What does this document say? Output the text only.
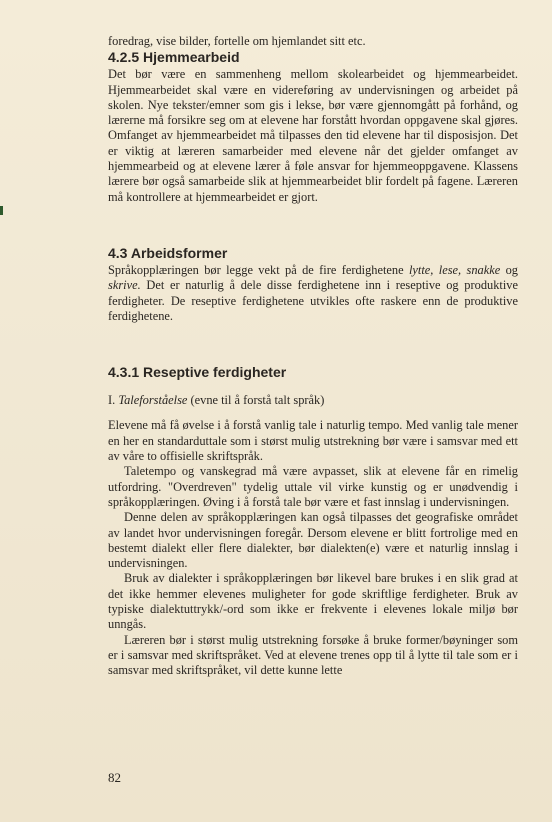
foredrag, vise bilder, fortelle om hjemlandet sitt etc.

4.2.5 Hjemmearbeid

Det bør være en sammenheng mellom skolearbeidet og hjemmearbeidet. Hjemmearbeidet skal være en videreføring av undervisningen og arbeidet på skolen. Nye tekster/emner som gis i lekse, bør være gjennomgått på forhånd, og lærerne må forsikre seg om at elevene har forstått hvordan oppgavene skal gjøres. Omfanget av hjemmearbeidet må tilpasses den tid elevene har til disposisjon. Det er viktig at læreren samarbeider med elevene når det gjelder omfanget av hjemmearbeid og at elevene lærer å føle ansvar for hjemmeoppgavene. Klassens lærere bør også samarbeide slik at hjemmearbeidet blir fordelt på fagene. Læreren må kontrollere at hjemmearbeidet er gjort.

4.3 Arbeidsformer

Språkopplæringen bør legge vekt på de fire ferdighetene lytte, lese, snakke og skrive. Det er naturlig å dele disse ferdighetene inn i reseptive og produktive ferdigheter. De reseptive ferdighetene utvikles ofte raskere enn de produktive ferdighetene.

4.3.1 Reseptive ferdigheter

I. Taleforståelse (evne til å forstå talt språk)

Elevene må få øvelse i å forstå vanlig tale i naturlig tempo. Med vanlig tale mener en her en standarduttale som i størst mulig utstrekning bør være i samsvar med ett av våre to offisielle skriftspråk.

Taletempo og vanskegrad må være avpasset, slik at elevene får en rimelig utfordring. "Overdreven" tydelig uttale vil virke kunstig og er unødvendig i språkopplæringen. Øving i å forstå tale bør være et fast innslag i undervisningen.

Denne delen av språkopplæringen kan også tilpasses det geografiske området av landet hvor undervisningen foregår. Dersom elevene er blitt fortrolige med en bestemt dialekt eller flere dialekter, bør dialekten(e) være et naturlig innslag i undervisningen.

Bruk av dialekter i språkopplæringen bør likevel bare brukes i en slik grad at det ikke hemmer elevenes muligheter for gode skriftlige ferdigheter. Bruk av typiske dialektuttrykk/-ord som ikke er frekvente i elevenes lokale miljø bør unngås.

Læreren bør i størst mulig utstrekning forsøke å bruke former/bøyninger som er i samsvar med skriftspråket. Ved at elevene trenes opp til å lytte til tale som er i samsvar med skriftspråket, vil dette kunne lette

82
